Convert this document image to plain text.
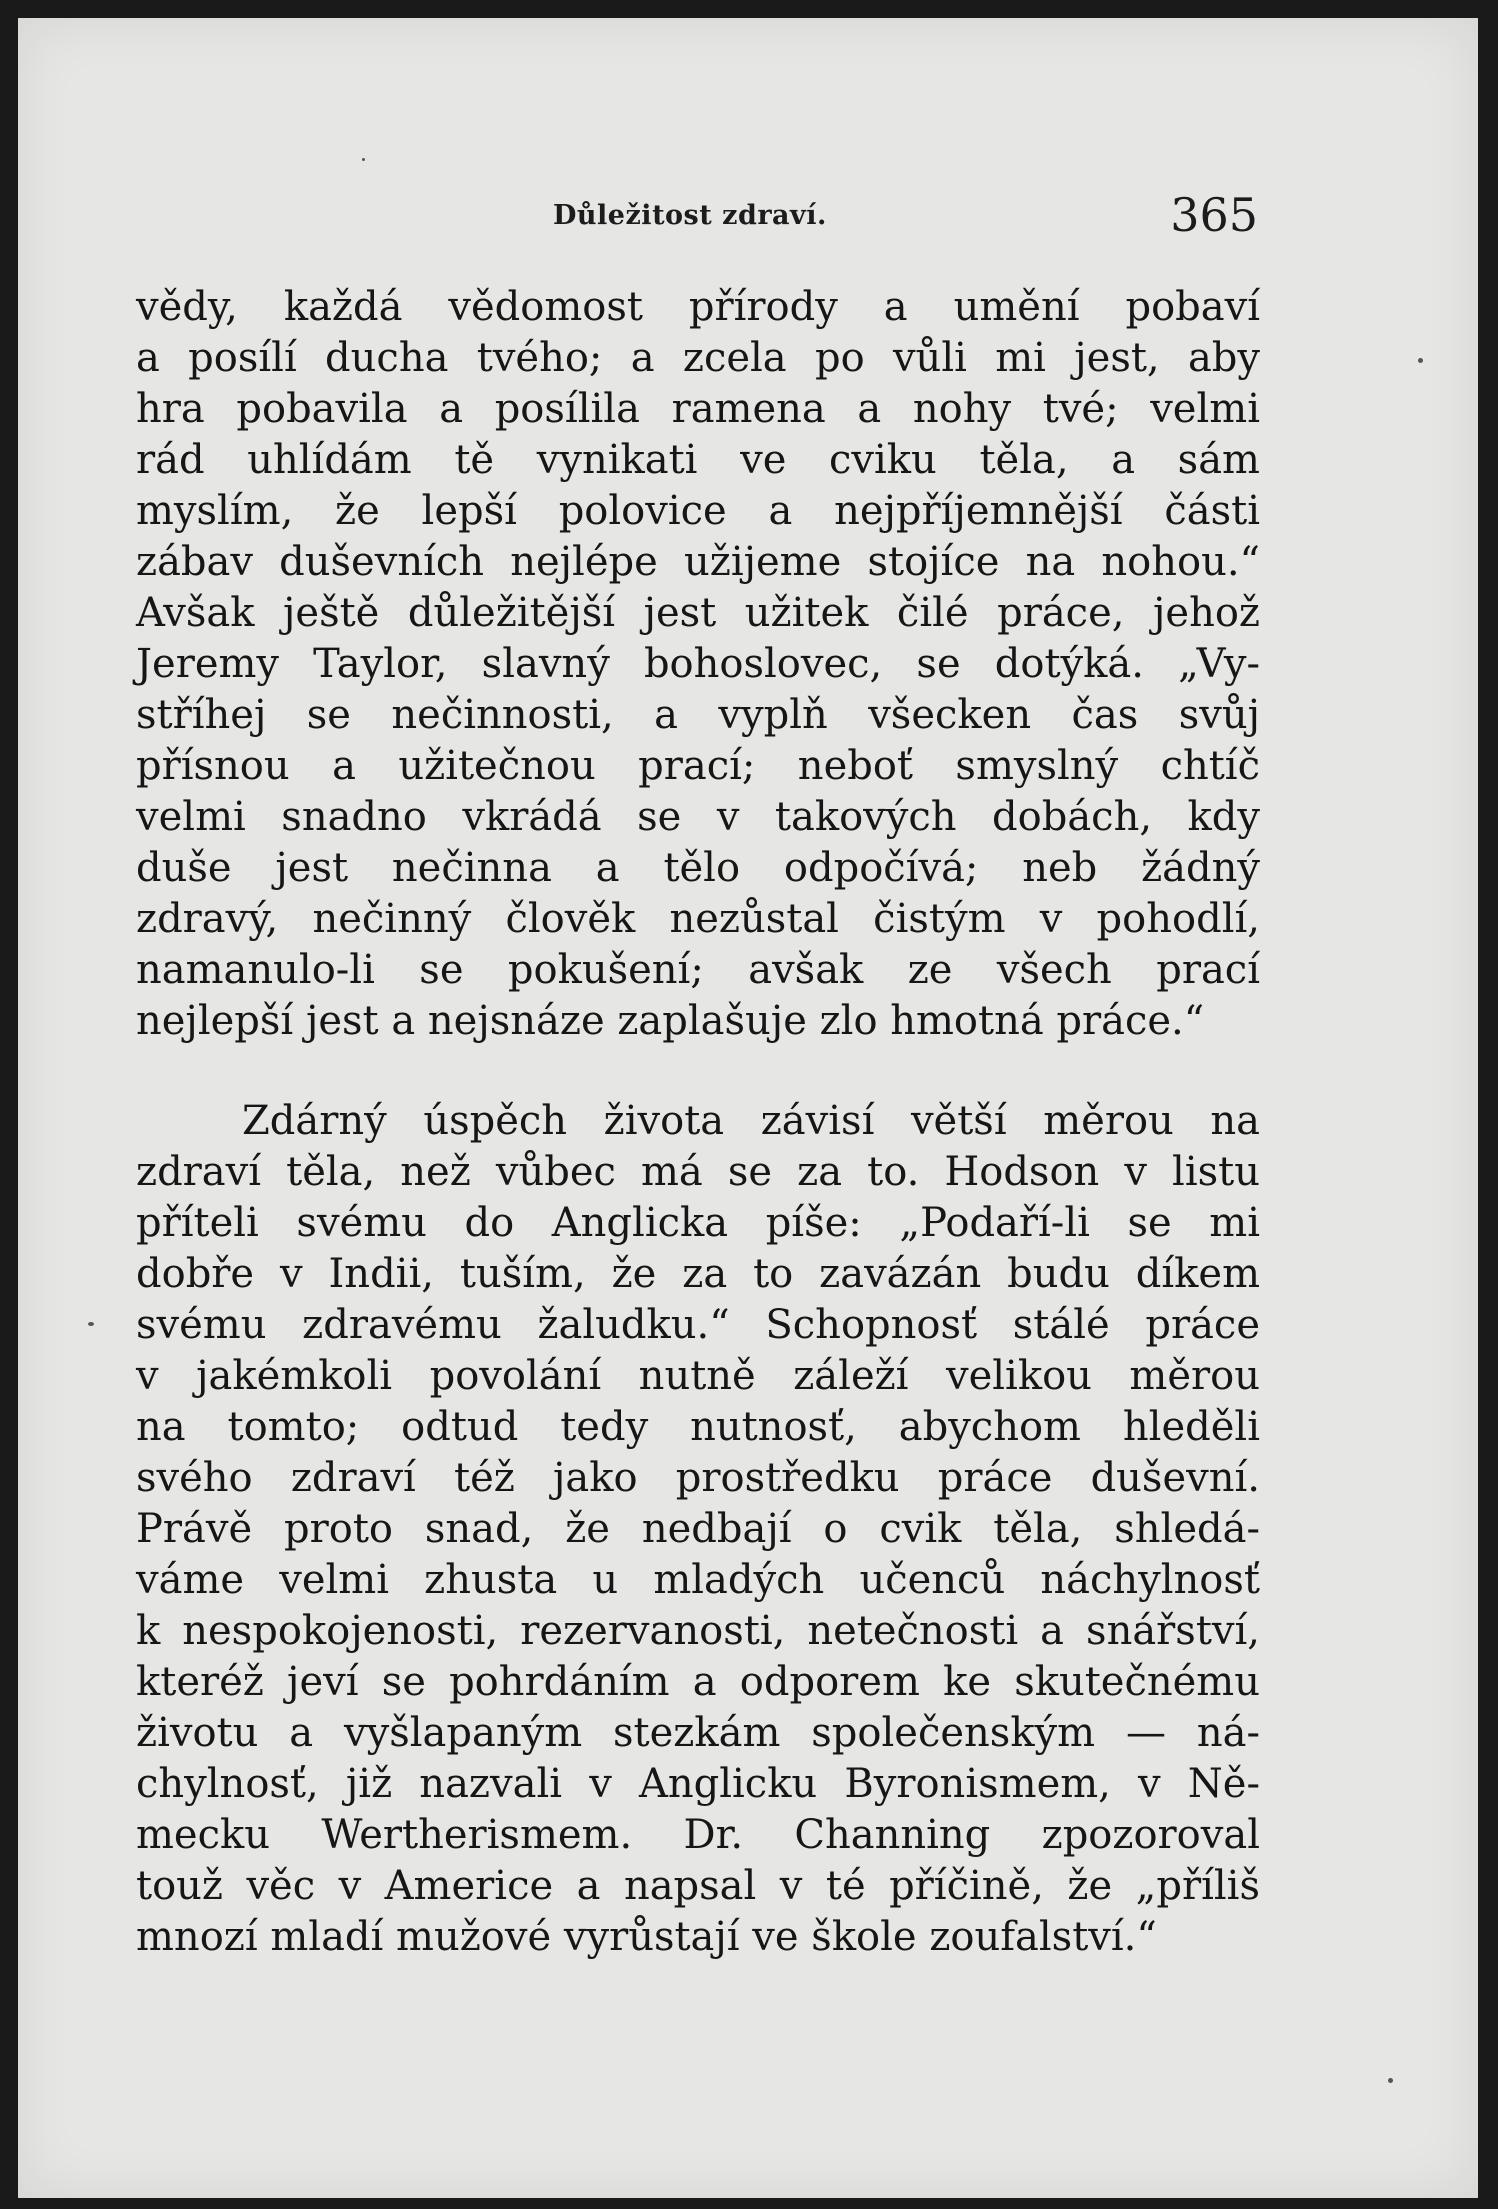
Důležitost zdraví.	365
vědy, každá vědomost přírody a umění pobaví
a posílí ducha tvého; a zcela po vůli mi jest, aby
hra pobavila a posílila ramena a nohy tvé; velmi
rád uhlídám tě vynikati ve cviku těla, a sám
myslím, že lepší polovice a nejpříjemnější části
zábav duševních nejlépe užijeme stojíce na nohou.“
Avšak ještě důležitější jest užitek čilé práce, jehož
Jeremy Taylor, slavný bohoslovec, se dotýká. „Vy-
stříhej se nečinnosti, a vyplň všecken čas svůj
přísnou a užitečnou prací; neboť smyslný chtíč
velmi snadno vkrádá se v takových dobách, kdy
duše jest nečinna a tělo odpočívá; neb žádný
zdravý, nečinný člověk nezůstal čistým v pohodlí,
namanulo-li se pokušení; avšak ze všech prací
nejlepší jest a nejsnáze zaplašuje zlo hmotná práce.“
Zdárný úspěch života závisí větší měrou na
zdraví těla, než vůbec má se za to. Hodson v listu
příteli svému do Anglicka píše: „Podaří-li se mi
dobře v Indii, tuším, že za to zavázán budu díkem
svému zdravému žaludku.“ Schopnosť stálé práce
v jakémkoli povolání nutně záleží velikou měrou
na tomto; odtud tedy nutnosť, abychom hleděli
svého zdraví též jako prostředku práce duševní.
Právě proto snad, že nedbají o cvik těla, shledá-
váme velmi zhusta u mladých učenců náchylnosť
k nespokojenosti, rezervanosti, netečnosti a snářství,
kteréž jeví se pohrdáním a odporem ke skutečnému
životu a vyšlapaným stezkám společenským — ná-
chylnosť, již nazvali v Anglicku Byronismem, v Ně-
mecku Wertherismem. Dr. Channing zpozoroval
touž věc v Americe a napsal v té příčině, že „příliš
mnozí mladí mužové vyrůstají ve škole zoufalství.“
